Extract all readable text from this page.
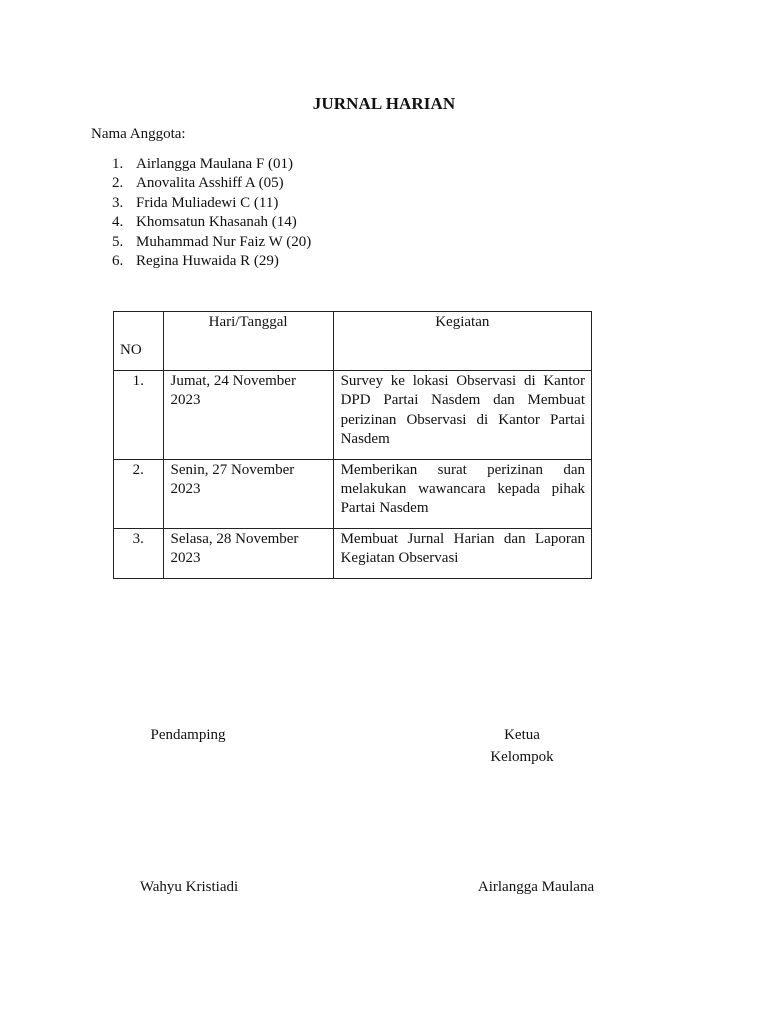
JURNAL HARIAN
Nama Anggota:
1. Airlangga Maulana F (01)
2. Anovalita Asshiff A (05)
3. Frida Muliadewi C (11)
4. Khomsatun Khasanah (14)
5. Muhammad Nur Faiz W (20)
6. Regina Huwaida R (29)
NO	Hari/Tanggal	Kegiatan
1.	Jumat, 24 November 2023	Survey ke lokasi Observasi di Kantor DPD Partai Nasdem dan Membuat perizinan Observasi di Kantor Partai Nasdem
2.	Senin, 27 November 2023	Memberikan surat perizinan dan melakukan wawancara kepada pihak Partai Nasdem
3.	Selasa, 28 November 2023	Membuat Jurnal Harian dan Laporan Kegiatan Observasi
Pendamping	Ketua
Kelompok
Wahyu Kristiadi	Airlangga Maulana
